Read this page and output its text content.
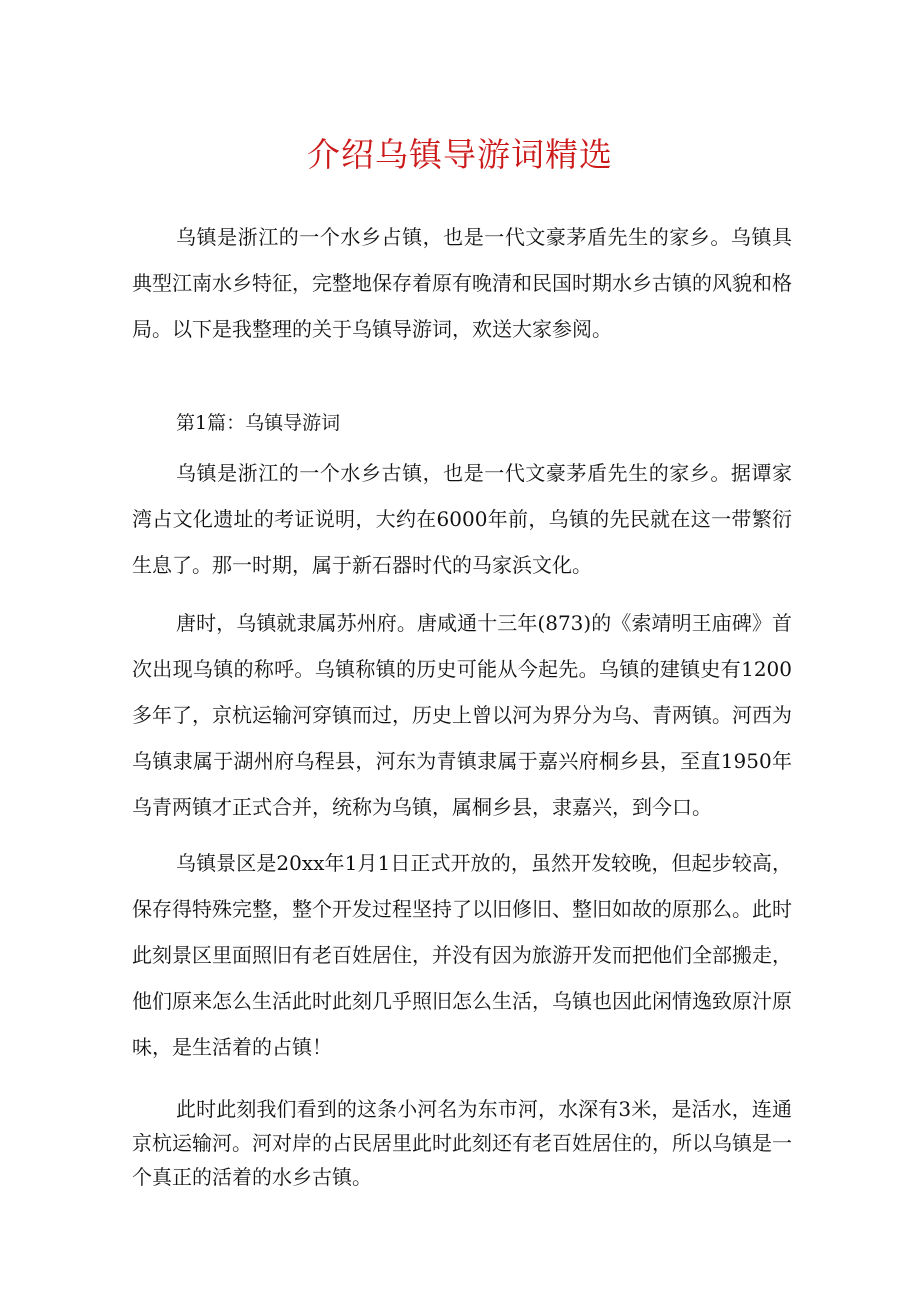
介绍乌镇导游词精选

乌镇是浙江的一个水乡占镇，也是一代文豪茅盾先生的家乡。乌镇具典型江南水乡特征，完整地保存着原有晚清和民国时期水乡古镇的风貌和格局。以下是我整理的关于乌镇导游词，欢送大家参阅。

第1篇：乌镇导游词

乌镇是浙江的一个水乡古镇，也是一代文豪茅盾先生的家乡。据谭家湾占文化遗址的考证说明，大约在6000年前，乌镇的先民就在这一带繁衍生息了。那一时期，属于新石器时代的马家浜文化。

唐时，乌镇就隶属苏州府。唐咸通十三年(873)的《索靖明王庙碑》首次出现乌镇的称呼。乌镇称镇的历史可能从今起先。乌镇的建镇史有1200多年了，京杭运输河穿镇而过，历史上曾以河为界分为乌、青两镇。河西为乌镇隶属于湖州府乌程县，河东为青镇隶属于嘉兴府桐乡县，至直1950年乌青两镇才正式合并，统称为乌镇，属桐乡县，隶嘉兴，到今口。

乌镇景区是20xx年1月1日正式开放的，虽然开发较晚，但起步较高，保存得特殊完整，整个开发过程坚持了以旧修旧、整旧如故的原那么。此时此刻景区里面照旧有老百姓居住，并没有因为旅游开发而把他们全部搬走，他们原来怎么生活此时此刻几乎照旧怎么生活，乌镇也因此闲情逸致原汁原味，是生活着的占镇！

此时此刻我们看到的这条小河名为东市河，水深有3米，是活水，连通京杭运输河。河对岸的占民居里此时此刻还有老百姓居住的，所以乌镇是一个真正的活着的水乡古镇。
